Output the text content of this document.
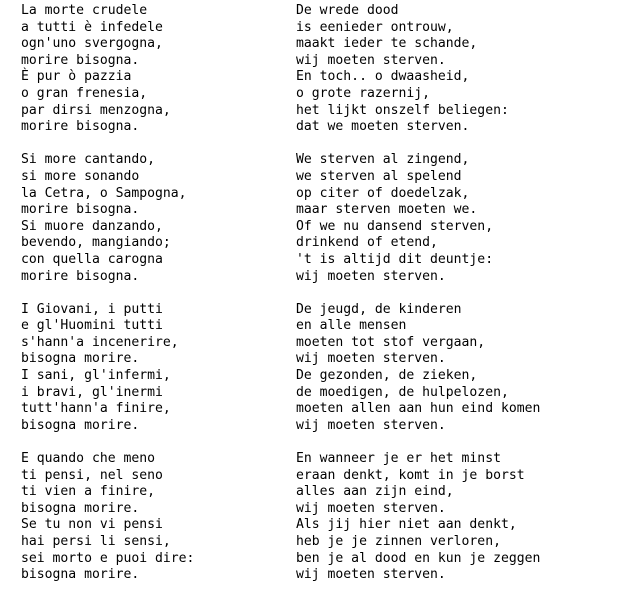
La morte crudele	De wrede dood
a tutti è infedele	is eenieder ontrouw,
ogn'uno svergogna,	maakt ieder te schande,
morire bisogna.	wij moeten sterven.
È pur ò pazzia	En toch.. o dwaasheid,
o gran frenesia,	o grote razernij,
par dirsi menzogna,	het lijkt onszelf beliegen:
morire bisogna.	dat we moeten sterven.
Si more cantando,	We sterven al zingend,
si more sonando	we sterven al spelend
la Cetra, o Sampogna,	op citer of doedelzak,
morire bisogna.	maar sterven moeten we.
Si muore danzando,	Of we nu dansend sterven,
bevendo, mangiando;	drinkend of etend,
con quella carogna	't is altijd dit deuntje:
morire bisogna.	wij moeten sterven.
I Giovani, i putti	De jeugd, de kinderen
e gl'Huomini tutti	en alle mensen
s'hann'a incenerire,	moeten tot stof vergaan,
bisogna morire.	wij moeten sterven.
I sani, gl'infermi,	De gezonden, de zieken,
i bravi, gl'inermi	de moedigen, de hulpelozen,
tutt'hann'a finire,	moeten allen aan hun eind komen
bisogna morire.	wij moeten sterven.
E quando che meno	En wanneer je er het minst
ti pensi, nel seno	eraan denkt, komt in je borst
ti vien a finire,	alles aan zijn eind,
bisogna morire.	wij moeten sterven.
Se tu non vi pensi	Als jij hier niet aan denkt,
hai persi li sensi,	heb je je zinnen verloren,
sei morto e puoi dire:	ben je al dood en kun je zeggen
bisogna morire.	wij moeten sterven.
